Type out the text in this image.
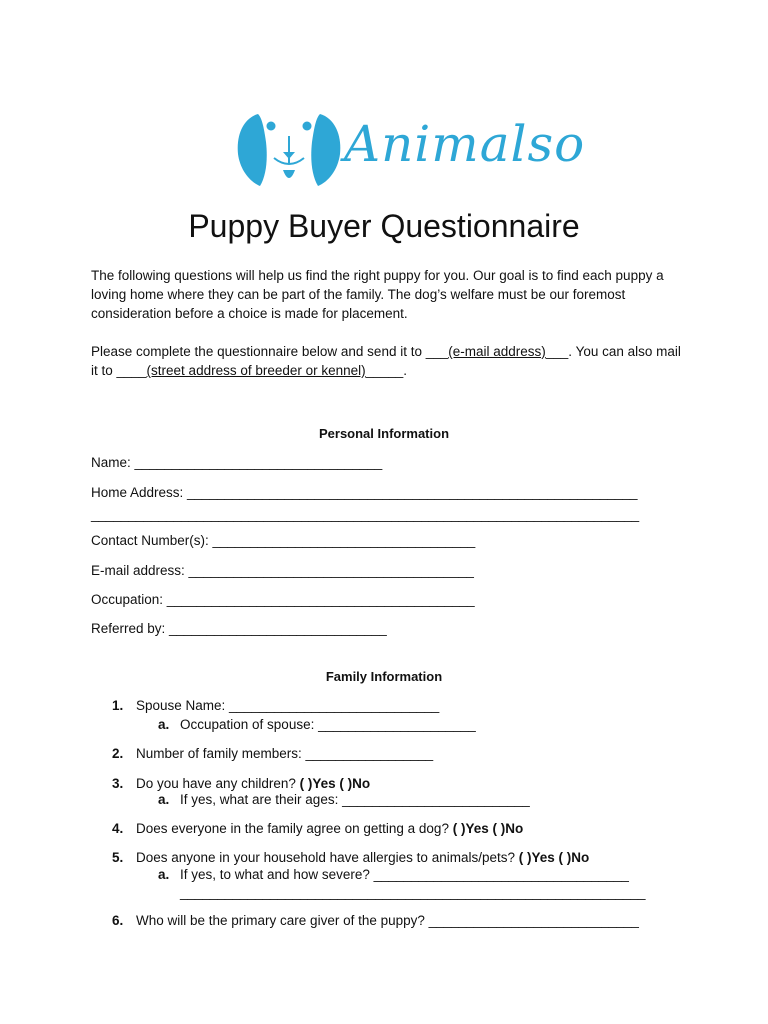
Animalso
Puppy Buyer Questionnaire
The following questions will help us find the right puppy for you. Our goal is to find each puppy a loving home where they can be part of the family. The dog’s welfare must be our foremost consideration before a choice is made for placement.
Please complete the questionnaire below and send it to ___(e-mail address)___. You can also mail it to ____(street address of breeder or kennel)_____.
Personal Information
Name: _________________________________
Home Address: ____________________________________________________________
_________________________________________________________________________
Contact Number(s): ___________________________________
E-mail address: ______________________________________
Occupation: _________________________________________
Referred by: _____________________________
Family Information
1. Spouse Name: ____________________________
a. Occupation of spouse: _____________________
2. Number of family members: _________________
3. Do you have any children? ( )Yes ( )No
a. If yes, what are their ages: _________________________
4. Does everyone in the family agree on getting a dog? ( )Yes ( )No
5. Does anyone in your household have allergies to animals/pets? ( )Yes ( )No
a. If yes, to what and how severe? __________________________________
______________________________________________________________
6. Who will be the primary care giver of the puppy? ____________________________
